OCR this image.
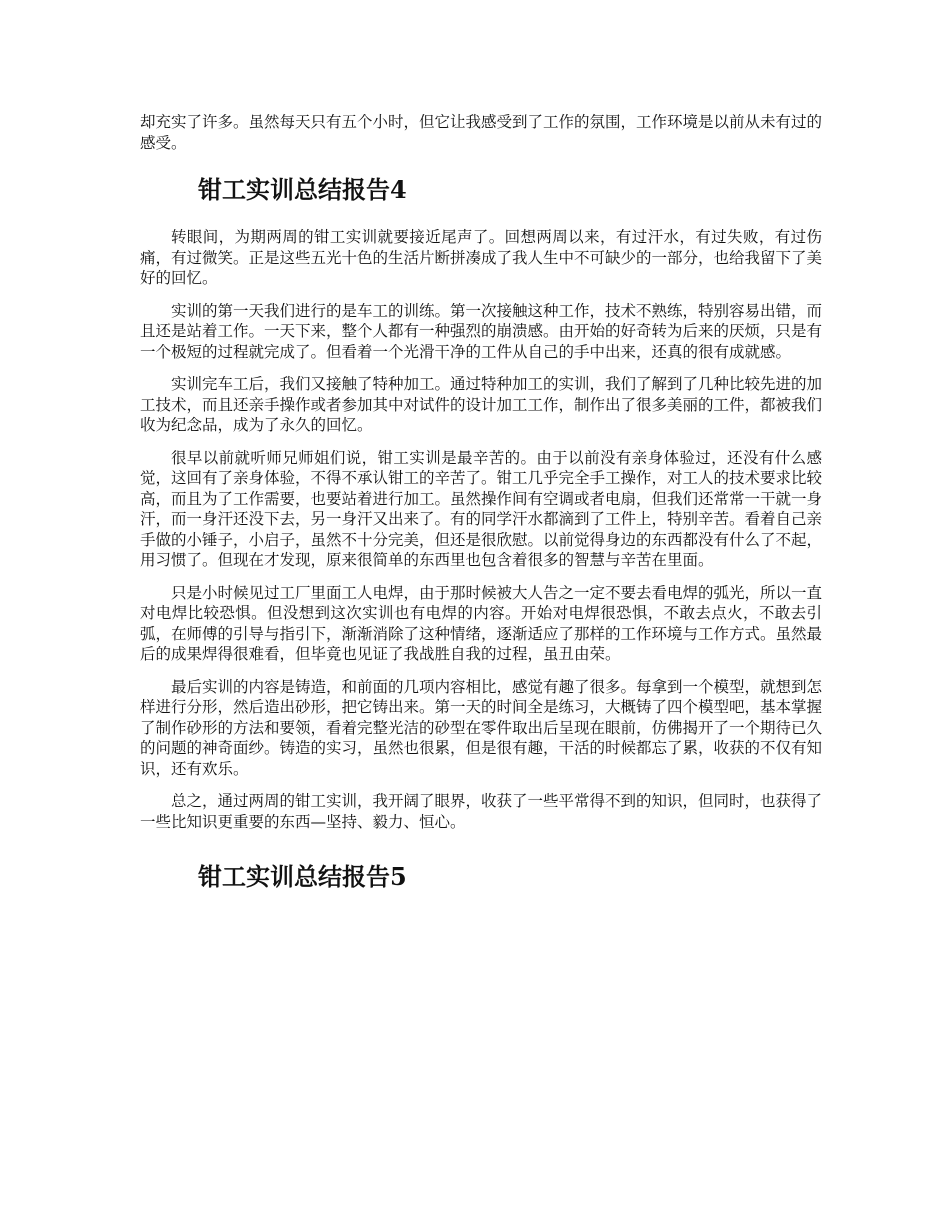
却充实了许多。虽然每天只有五个小时，但它让我感受到了工作的氛围，工作环境是以前从未有过的感受。

钳工实训总结报告4

转眼间，为期两周的钳工实训就要接近尾声了。回想两周以来，有过汗水，有过失败，有过伤痛，有过微笑。正是这些五光十色的生活片断拼凑成了我人生中不可缺少的一部分，也给我留下了美好的回忆。

实训的第一天我们进行的是车工的训练。第一次接触这种工作，技术不熟练，特别容易出错，而且还是站着工作。一天下来，整个人都有一种强烈的崩溃感。由开始的好奇转为后来的厌烦，只是有一个极短的过程就完成了。但看着一个光滑干净的工件从自己的手中出来，还真的很有成就感。

实训完车工后，我们又接触了特种加工。通过特种加工的实训，我们了解到了几种比较先进的加工技术，而且还亲手操作或者参加其中对试件的设计加工工作，制作出了很多美丽的工件，都被我们收为纪念品，成为了永久的回忆。

很早以前就听师兄师姐们说，钳工实训是最辛苦的。由于以前没有亲身体验过，还没有什么感觉，这回有了亲身体验，不得不承认钳工的辛苦了。钳工几乎完全手工操作，对工人的技术要求比较高，而且为了工作需要，也要站着进行加工。虽然操作间有空调或者电扇，但我们还常常一干就一身汗，而一身汗还没下去，另一身汗又出来了。有的同学汗水都滴到了工件上，特别辛苦。看着自己亲手做的小锤子，小启子，虽然不十分完美，但还是很欣慰。以前觉得身边的东西都没有什么了不起，用习惯了。但现在才发现，原来很简单的东西里也包含着很多的智慧与辛苦在里面。

只是小时候见过工厂里面工人电焊，由于那时候被大人告之一定不要去看电焊的弧光，所以一直对电焊比较恐惧。但没想到这次实训也有电焊的内容。开始对电焊很恐惧，不敢去点火，不敢去引弧，在师傅的引导与指引下，渐渐消除了这种情绪，逐渐适应了那样的工作环境与工作方式。虽然最后的成果焊得很难看，但毕竟也见证了我战胜自我的过程，虽丑由荣。

最后实训的内容是铸造，和前面的几项内容相比，感觉有趣了很多。每拿到一个模型，就想到怎样进行分形，然后造出砂形，把它铸出来。第一天的时间全是练习，大概铸了四个模型吧，基本掌握了制作砂形的方法和要领，看着完整光洁的砂型在零件取出后呈现在眼前，仿佛揭开了一个期待已久的问题的神奇面纱。铸造的实习，虽然也很累，但是很有趣，干活的时候都忘了累，收获的不仅有知识，还有欢乐。

总之，通过两周的钳工实训，我开阔了眼界，收获了一些平常得不到的知识，但同时，也获得了一些比知识更重要的东西—坚持、毅力、恒心。

钳工实训总结报告5
